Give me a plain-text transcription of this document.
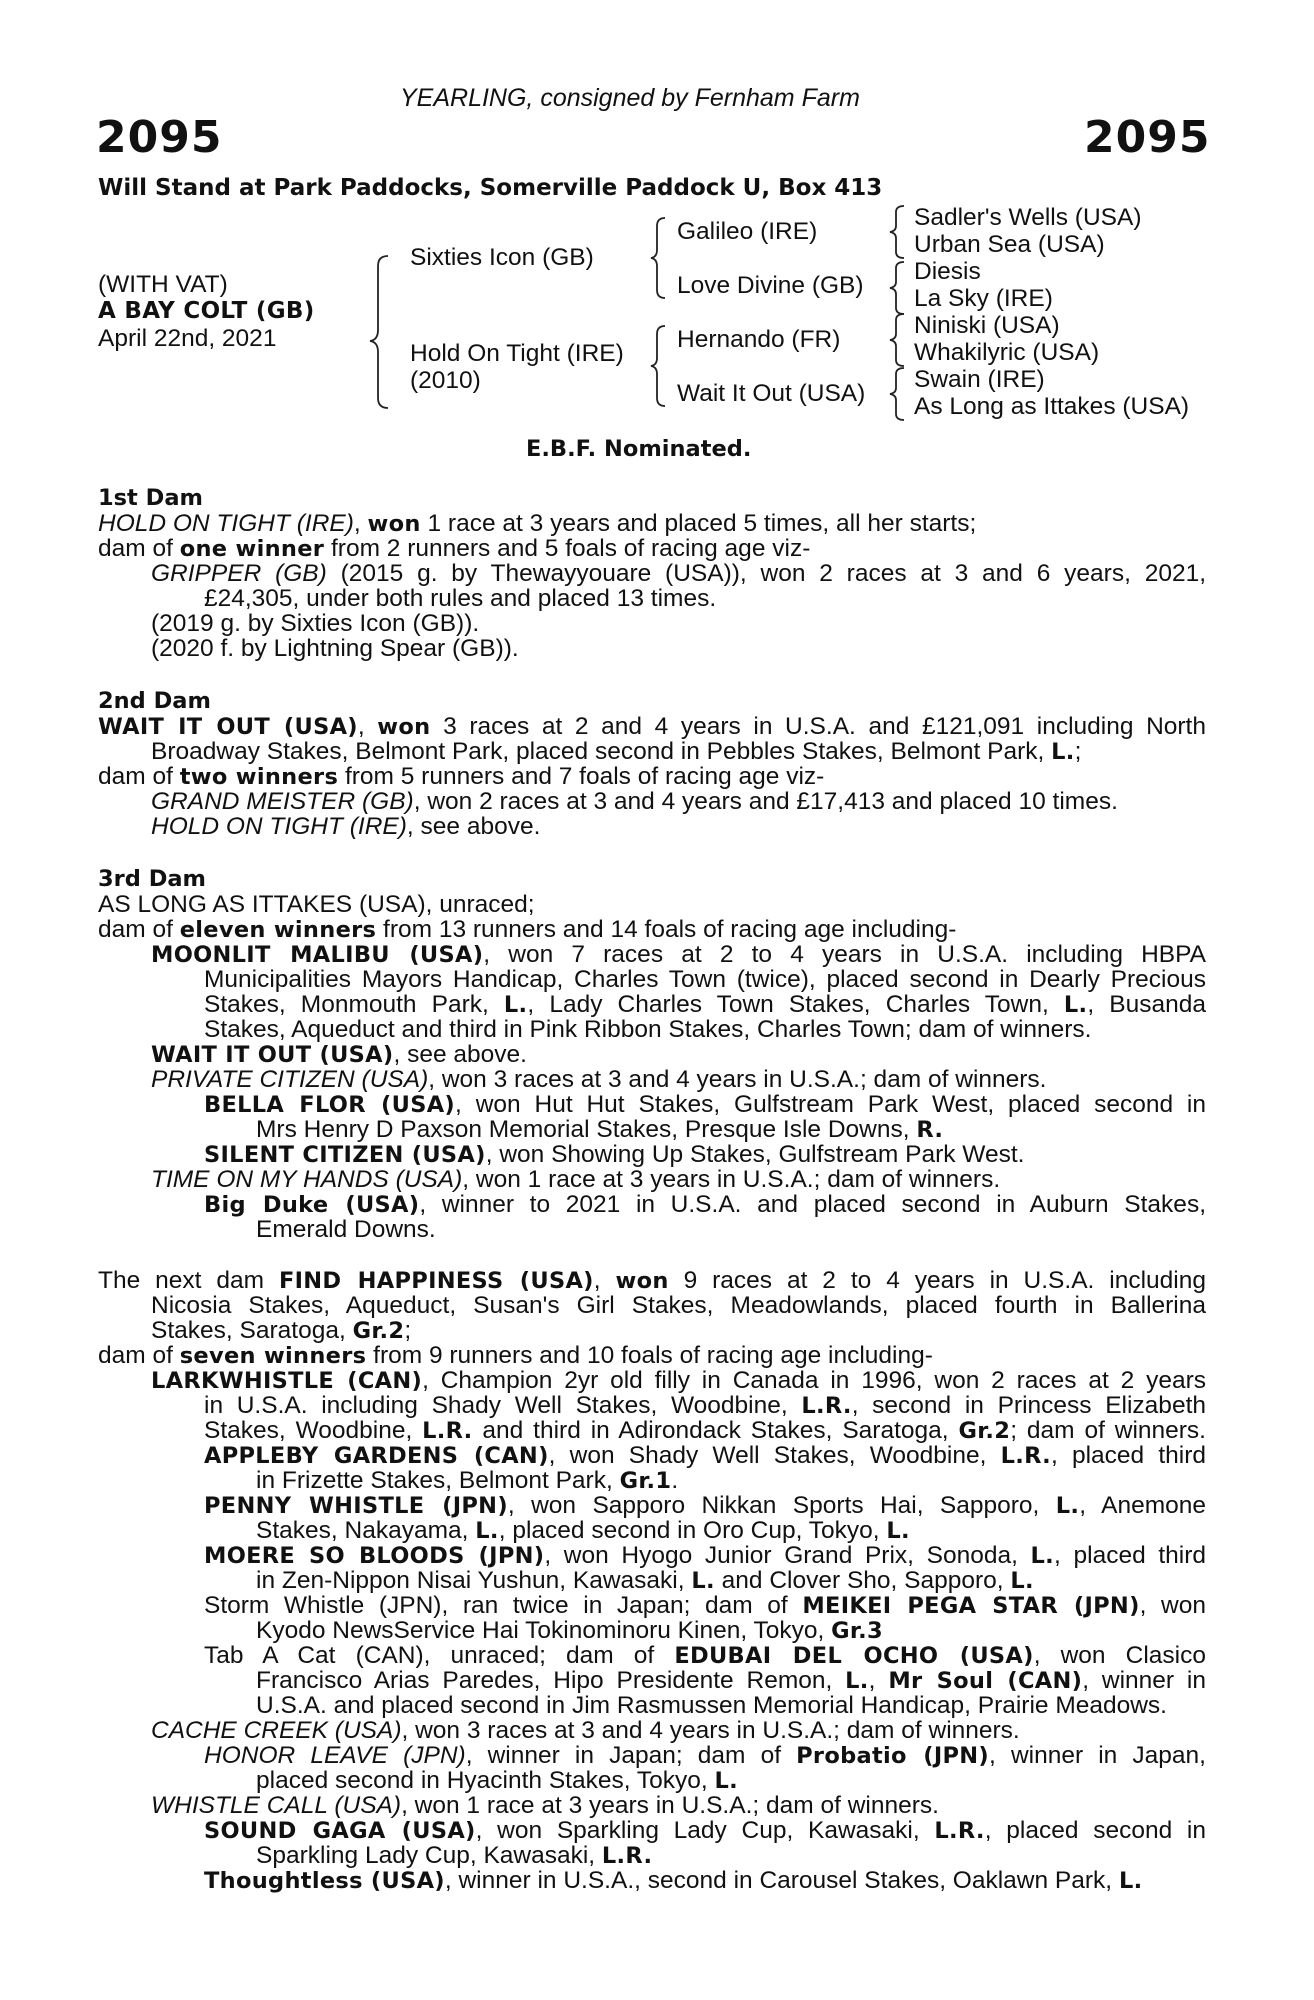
YEARLING, consigned by Fernham Farm
2095	2095
Will Stand at Park Paddocks, Somerville Paddock U, Box 413
(WITH VAT)
A BAY COLT (GB)
April 22nd, 2021
Sixties Icon (GB)
Hold On Tight (IRE)
(2010)
Galileo (IRE)
Love Divine (GB)
Hernando (FR)
Wait It Out (USA)
Sadler's Wells (USA)
Urban Sea (USA)
Diesis
La Sky (IRE)
Niniski (USA)
Whakilyric (USA)
Swain (IRE)
As Long as Ittakes (USA)
E.B.F. Nominated.
1st Dam
HOLD ON TIGHT (IRE), won 1 race at 3 years and placed 5 times, all her starts;
dam of one winner from 2 runners and 5 foals of racing age viz-
GRIPPER (GB) (2015 g. by Thewayyouare (USA)), won 2 races at 3 and 6 years, 2021,
£24,305, under both rules and placed 13 times.
(2019 g. by Sixties Icon (GB)).
(2020 f. by Lightning Spear (GB)).
2nd Dam
WAIT IT OUT (USA), won 3 races at 2 and 4 years in U.S.A. and £121,091 including North
Broadway Stakes, Belmont Park, placed second in Pebbles Stakes, Belmont Park, L.;
dam of two winners from 5 runners and 7 foals of racing age viz-
GRAND MEISTER (GB), won 2 races at 3 and 4 years and £17,413 and placed 10 times.
HOLD ON TIGHT (IRE), see above.
3rd Dam
AS LONG AS ITTAKES (USA), unraced;
dam of eleven winners from 13 runners and 14 foals of racing age including-
MOONLIT MALIBU (USA), won 7 races at 2 to 4 years in U.S.A. including HBPA
Municipalities Mayors Handicap, Charles Town (twice), placed second in Dearly Precious
Stakes, Monmouth Park, L., Lady Charles Town Stakes, Charles Town, L., Busanda
Stakes, Aqueduct and third in Pink Ribbon Stakes, Charles Town; dam of winners.
WAIT IT OUT (USA), see above.
PRIVATE CITIZEN (USA), won 3 races at 3 and 4 years in U.S.A.; dam of winners.
BELLA FLOR (USA), won Hut Hut Stakes, Gulfstream Park West, placed second in
Mrs Henry D Paxson Memorial Stakes, Presque Isle Downs, R.
SILENT CITIZEN (USA), won Showing Up Stakes, Gulfstream Park West.
TIME ON MY HANDS (USA), won 1 race at 3 years in U.S.A.; dam of winners.
Big Duke (USA), winner to 2021 in U.S.A. and placed second in Auburn Stakes,
Emerald Downs.
The next dam FIND HAPPINESS (USA), won 9 races at 2 to 4 years in U.S.A. including
Nicosia Stakes, Aqueduct, Susan's Girl Stakes, Meadowlands, placed fourth in Ballerina
Stakes, Saratoga, Gr.2;
dam of seven winners from 9 runners and 10 foals of racing age including-
LARKWHISTLE (CAN), Champion 2yr old filly in Canada in 1996, won 2 races at 2 years
in U.S.A. including Shady Well Stakes, Woodbine, L.R., second in Princess Elizabeth
Stakes, Woodbine, L.R. and third in Adirondack Stakes, Saratoga, Gr.2; dam of winners.
APPLEBY GARDENS (CAN), won Shady Well Stakes, Woodbine, L.R., placed third
in Frizette Stakes, Belmont Park, Gr.1.
PENNY WHISTLE (JPN), won Sapporo Nikkan Sports Hai, Sapporo, L., Anemone
Stakes, Nakayama, L., placed second in Oro Cup, Tokyo, L.
MOERE SO BLOODS (JPN), won Hyogo Junior Grand Prix, Sonoda, L., placed third
in Zen-Nippon Nisai Yushun, Kawasaki, L. and Clover Sho, Sapporo, L.
Storm Whistle (JPN), ran twice in Japan; dam of MEIKEI PEGA STAR (JPN), won
Kyodo NewsService Hai Tokinominoru Kinen, Tokyo, Gr.3
Tab A Cat (CAN), unraced; dam of EDUBAI DEL OCHO (USA), won Clasico
Francisco Arias Paredes, Hipo Presidente Remon, L., Mr Soul (CAN), winner in
U.S.A. and placed second in Jim Rasmussen Memorial Handicap, Prairie Meadows.
CACHE CREEK (USA), won 3 races at 3 and 4 years in U.S.A.; dam of winners.
HONOR LEAVE (JPN), winner in Japan; dam of Probatio (JPN), winner in Japan,
placed second in Hyacinth Stakes, Tokyo, L.
WHISTLE CALL (USA), won 1 race at 3 years in U.S.A.; dam of winners.
SOUND GAGA (USA), won Sparkling Lady Cup, Kawasaki, L.R., placed second in
Sparkling Lady Cup, Kawasaki, L.R.
Thoughtless (USA), winner in U.S.A., second in Carousel Stakes, Oaklawn Park, L.
